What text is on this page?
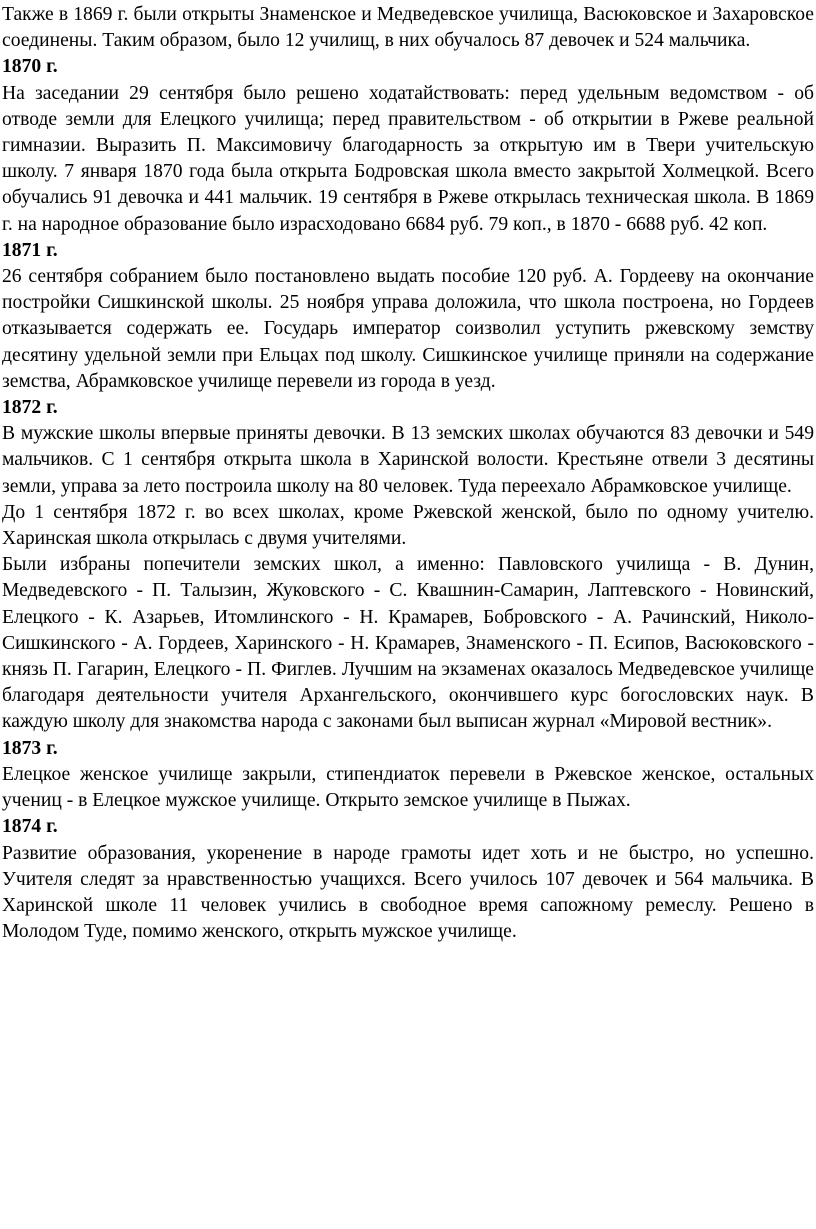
Также в 1869 г. были открыты Знаменское и Медведевское училища, Васюковское и Захаровское соединены. Таким образом, было 12 училищ, в них обучалось 87 девочек и 524 мальчика.

1870 г.

На заседании 29 сентября было решено ходатайствовать: перед удельным ведомством - об отводе земли для Елецкого училища; перед правительством - об открытии в Ржеве реальной гимназии. Выразить П. Максимовичу благодарность за открытую им в Твери учительскую школу. 7 января 1870 года была открыта Бодровская школа вместо закрытой Холмецкой. Всего обучались 91 девочка и 441 мальчик. 19 сентября в Ржеве открылась техническая школа. В 1869 г. на народное образование было израсходовано 6684 руб. 79 коп., в 1870 - 6688 руб. 42 коп.

1871 г.

26 сентября собранием было постановлено выдать пособие 120 руб. А. Гордееву на окончание постройки Сишкинской школы. 25 ноября управа доложила, что школа построена, но Гордеев отказывается содержать ее. Государь император соизволил уступить ржевскому земству десятину удельной земли при Ельцах под школу. Сишкинское училище приняли на содержание земства, Абрамковское училище перевели из города в уезд.

1872 г.

В мужские школы впервые приняты девочки. В 13 земских школах обучаются 83 девочки и 549 мальчиков. С 1 сентября открыта школа в Харинской волости. Крестьяне отвели 3 десятины земли, управа за лето построила школу на 80 человек. Туда переехало Абрамковское училище.

До 1 сентября 1872 г. во всех школах, кроме Ржевской женской, было по одному учителю. Харинская школа открылась с двумя учителями.

Были избраны попечители земских школ, а именно: Павловского училища - В. Дунин, Медведевского - П. Талызин, Жуковского - С. Квашнин-Самарин, Лаптевского - Новинский, Елецкого - К. Азарьев, Итомлинского - Н. Крамарев, Бобровского - А. Рачинский, Николо-Сишкинского - А. Гордеев, Харинского - Н. Крамарев, Знаменского - П. Есипов, Васюковского - князь П. Гагарин, Елецкого - П. Фиглев. Лучшим на экзаменах оказалось Медведевское училище благодаря деятельности учителя Архангельского, окончившего курс богословских наук. В каждую школу для знакомства народа с законами был выписан журнал «Мировой вестник».

1873 г.

Елецкое женское училище закрыли, стипендиаток перевели в Ржевское женское, остальных учениц - в Елецкое мужское училище. Открыто земское училище в Пыжах.

1874 г.

Развитие образования, укоренение в народе грамоты идет хоть и не быстро, но успешно. Учителя следят за нравственностью учащихся. Всего училось 107 девочек и 564 мальчика. В Харинской школе 11 человек учились в свободное время сапожному ремеслу. Решено в Молодом Туде, помимо женского, открыть мужское училище.
